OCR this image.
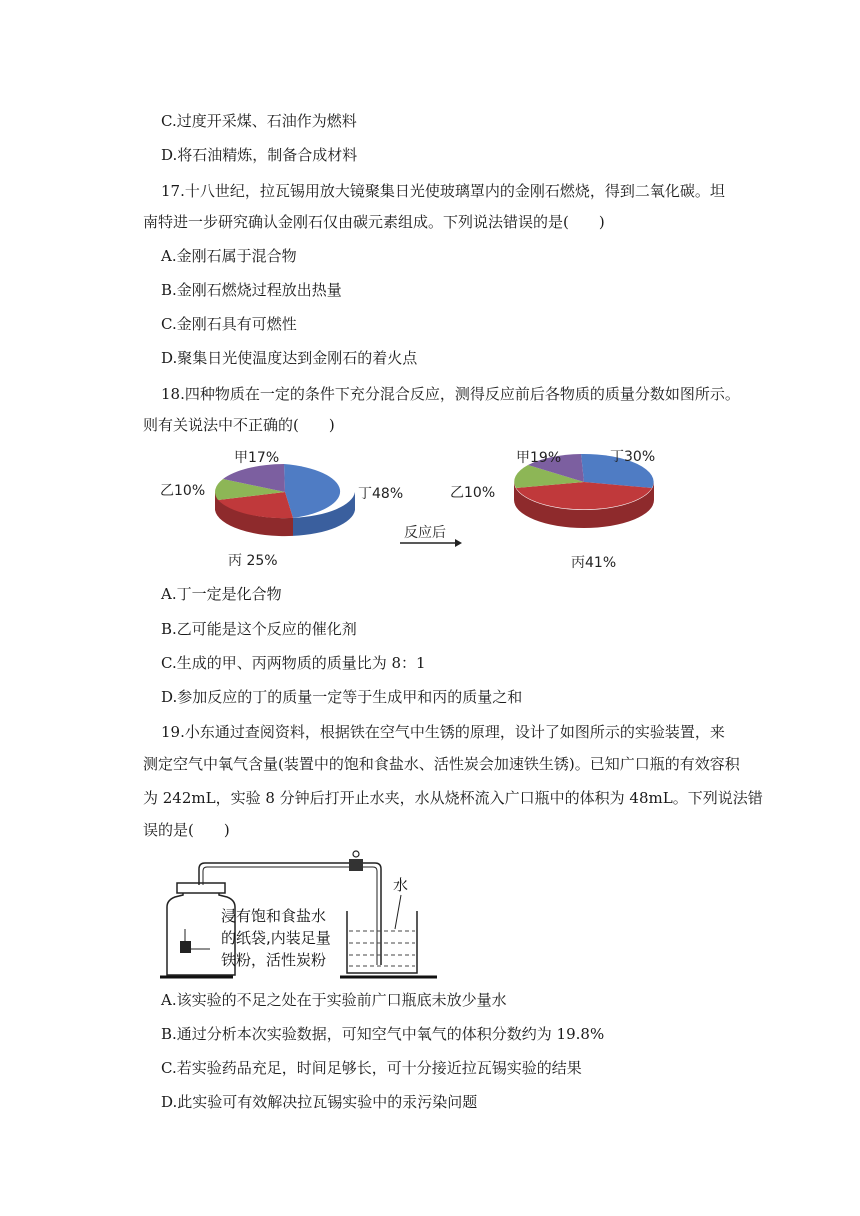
C.过度开采煤、石油作为燃料
D.将石油精炼，制备合成材料
17.十八世纪，拉瓦锡用放大镜聚集日光使玻璃罩内的金刚石燃烧，得到二氧化碳。坦
南特进一步研究确认金刚石仅由碳元素组成。下列说法错误的是(　　)
A.金刚石属于混合物
B.金刚石燃烧过程放出热量
C.金刚石具有可燃性
D.聚集日光使温度达到金刚石的着火点
18.四种物质在一定的条件下充分混合反应，测得反应前后各物质的质量分数如图所示。
则有关说法中不正确的(　　)
甲17%
乙10%	丁48%
丙 25%
反应后
甲19%
乙10%
丁30%
丙41%
A.丁一定是化合物
B.乙可能是这个反应的催化剂
C.生成的甲、丙两物质的质量比为 8：1
D.参加反应的丁的质量一定等于生成甲和丙的质量之和
19.小东通过查阅资料，根据铁在空气中生锈的原理，设计了如图所示的实验装置，来
测定空气中氧气含量(装置中的饱和食盐水、活性炭会加速铁生锈)。已知广口瓶的有效容积
为 242mL，实验 8 分钟后打开止水夹，水从烧杯流入广口瓶中的体积为 48mL。下列说法错
误的是(　　)
水
浸有饱和食盐水
的纸袋,内装足量
铁粉，活性炭粉
A.该实验的不足之处在于实验前广口瓶底未放少量水
B.通过分析本次实验数据，可知空气中氧气的体积分数约为 19.8%
C.若实验药品充足，时间足够长，可十分接近拉瓦锡实验的结果
D.此实验可有效解决拉瓦锡实验中的汞污染问题
